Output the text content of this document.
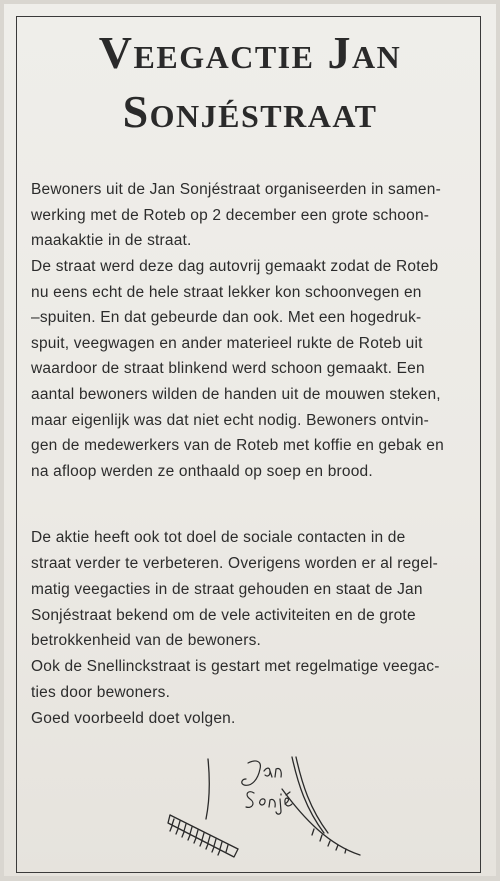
Veegactie Jan
Sonjéstraat
Bewoners uit de Jan Sonjéstraat organiseerden in samen-
werking met de Roteb op 2 december een grote schoon-
maakaktie in de straat.
De straat werd deze dag autovrij gemaakt zodat de Roteb
nu eens echt de hele straat lekker kon schoonvegen en
–spuiten. En dat gebeurde dan ook. Met een hogedruk-
spuit, veegwagen en ander materieel rukte de Roteb uit
waardoor de straat blinkend werd schoon gemaakt. Een
aantal bewoners wilden de handen uit de mouwen steken,
maar eigenlijk was dat niet echt nodig. Bewoners ontvin-
gen de medewerkers van de Roteb met koffie en gebak en
na afloop werden ze onthaald op soep en brood.
De aktie heeft ook tot doel de sociale contacten in de
straat verder te verbeteren. Overigens worden er al regel-
matig veegacties in de straat gehouden en staat de Jan
Sonjéstraat bekend om de vele activiteiten en de grote
betrokkenheid van de bewoners.
Ook de Snellinckstraat is gestart met regelmatige veegac-
ties door bewoners.
Goed voorbeeld doet volgen.
